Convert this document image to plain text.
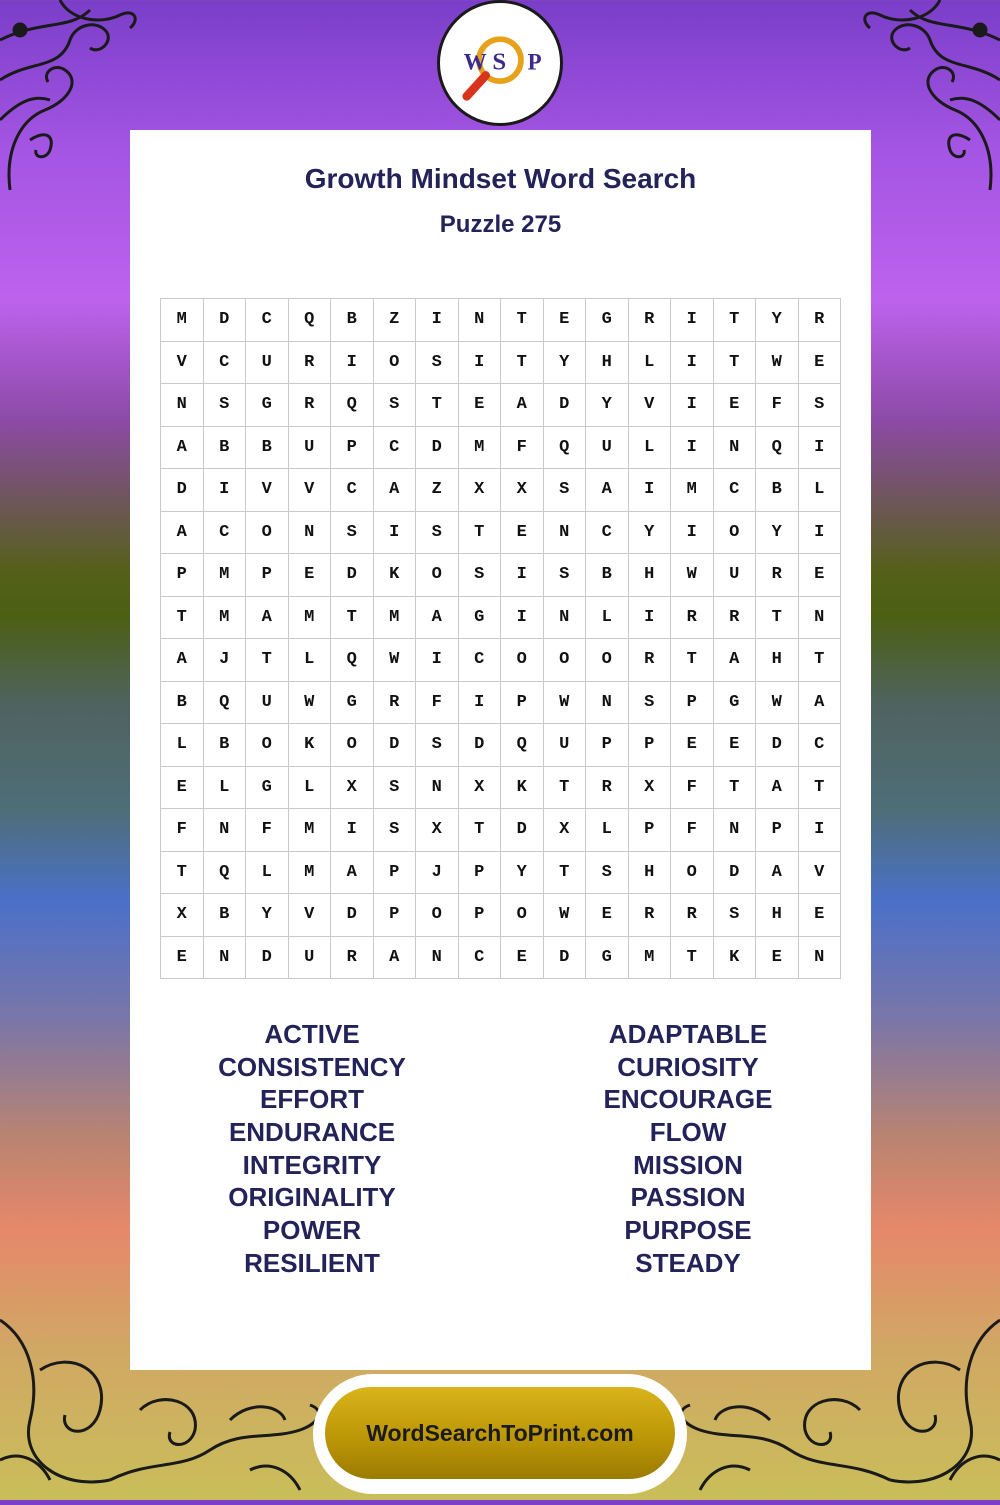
W S P
Growth Mindset Word Search
Puzzle 275
M	D	C	Q	B	Z	I	N	T	E	G	R	I	T	Y	R
V	C	U	R	I	O	S	I	T	Y	H	L	I	T	W	E
N	S	G	R	Q	S	T	E	A	D	Y	V	I	E	F	S
A	B	B	U	P	C	D	M	F	Q	U	L	I	N	Q	I
D	I	V	V	C	A	Z	X	X	S	A	I	M	C	B	L
A	C	O	N	S	I	S	T	E	N	C	Y	I	O	Y	I
P	M	P	E	D	K	O	S	I	S	B	H	W	U	R	E
T	M	A	M	T	M	A	G	I	N	L	I	R	R	T	N
A	J	T	L	Q	W	I	C	O	O	O	R	T	A	H	T
B	Q	U	W	G	R	F	I	P	W	N	S	P	G	W	A
L	B	O	K	O	D	S	D	Q	U	P	P	E	E	D	C
E	L	G	L	X	S	N	X	K	T	R	X	F	T	A	T
F	N	F	M	I	S	X	T	D	X	L	P	F	N	P	I
T	Q	L	M	A	P	J	P	Y	T	S	H	O	D	A	V
X	B	Y	V	D	P	O	P	O	W	E	R	R	S	H	E
E	N	D	U	R	A	N	C	E	D	G	M	T	K	E	N
ACTIVE
CONSISTENCY
EFFORT
ENDURANCE
INTEGRITY
ORIGINALITY
POWER
RESILIENT
ADAPTABLE
CURIOSITY
ENCOURAGE
FLOW
MISSION
PASSION
PURPOSE
STEADY
WordSearchToPrint.com
